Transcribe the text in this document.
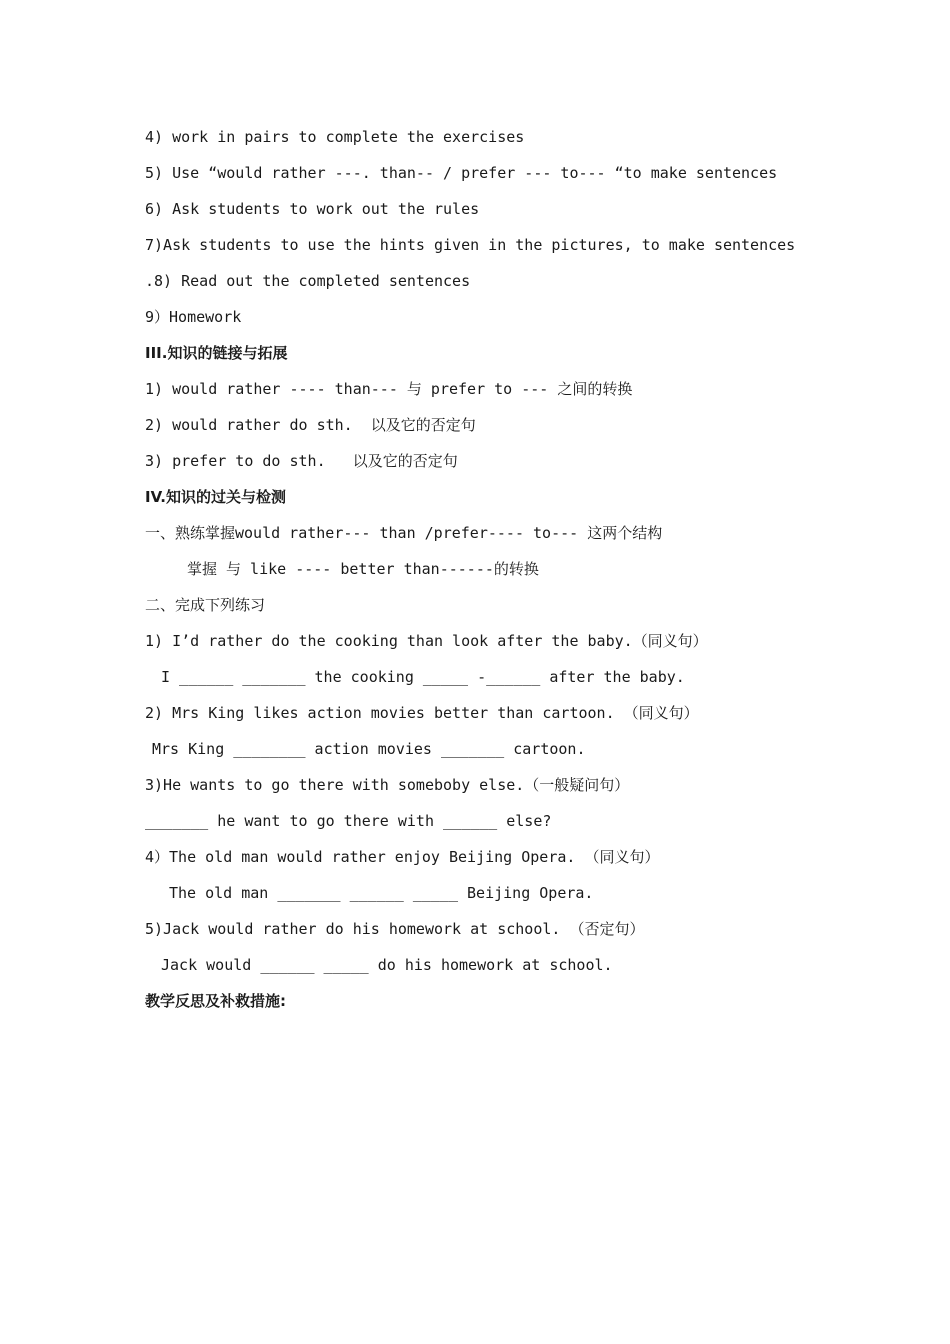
4) work in pairs to complete the exercises
5) Use “would rather ---. than-- / prefer --- to--- “to make sentences
6) Ask students to work out the rules
7)Ask students to use the hints given in the pictures, to make sentences
.8) Read out the completed sentences
9）Homework
III.知识的链接与拓展
1) would rather ---- than--- 与 prefer to --- 之间的转换
2) would rather do sth.  以及它的否定句
3) prefer to do sth.   以及它的否定句
IV.知识的过关与检测
一、熟练掌握would rather--- than /prefer---- to--- 这两个结构
掌握 与 like ---- better than------的转换
二、完成下列练习
1) I’d rather do the cooking than look after the baby.（同义句）
I ______ _______ the cooking _____ -______ after the baby.
2) Mrs King likes action movies better than cartoon. （同义句）
Mrs King ________ action movies _______ cartoon.
3)He wants to go there with someboby else.（一般疑问句）
_______ he want to go there with ______ else?
4）The old man would rather enjoy Beijing Opera. （同义句）
The old man _______ ______ _____ Beijing Opera.
5)Jack would rather do his homework at school. （否定句）
Jack would ______ _____ do his homework at school.
教学反思及补救措施:
